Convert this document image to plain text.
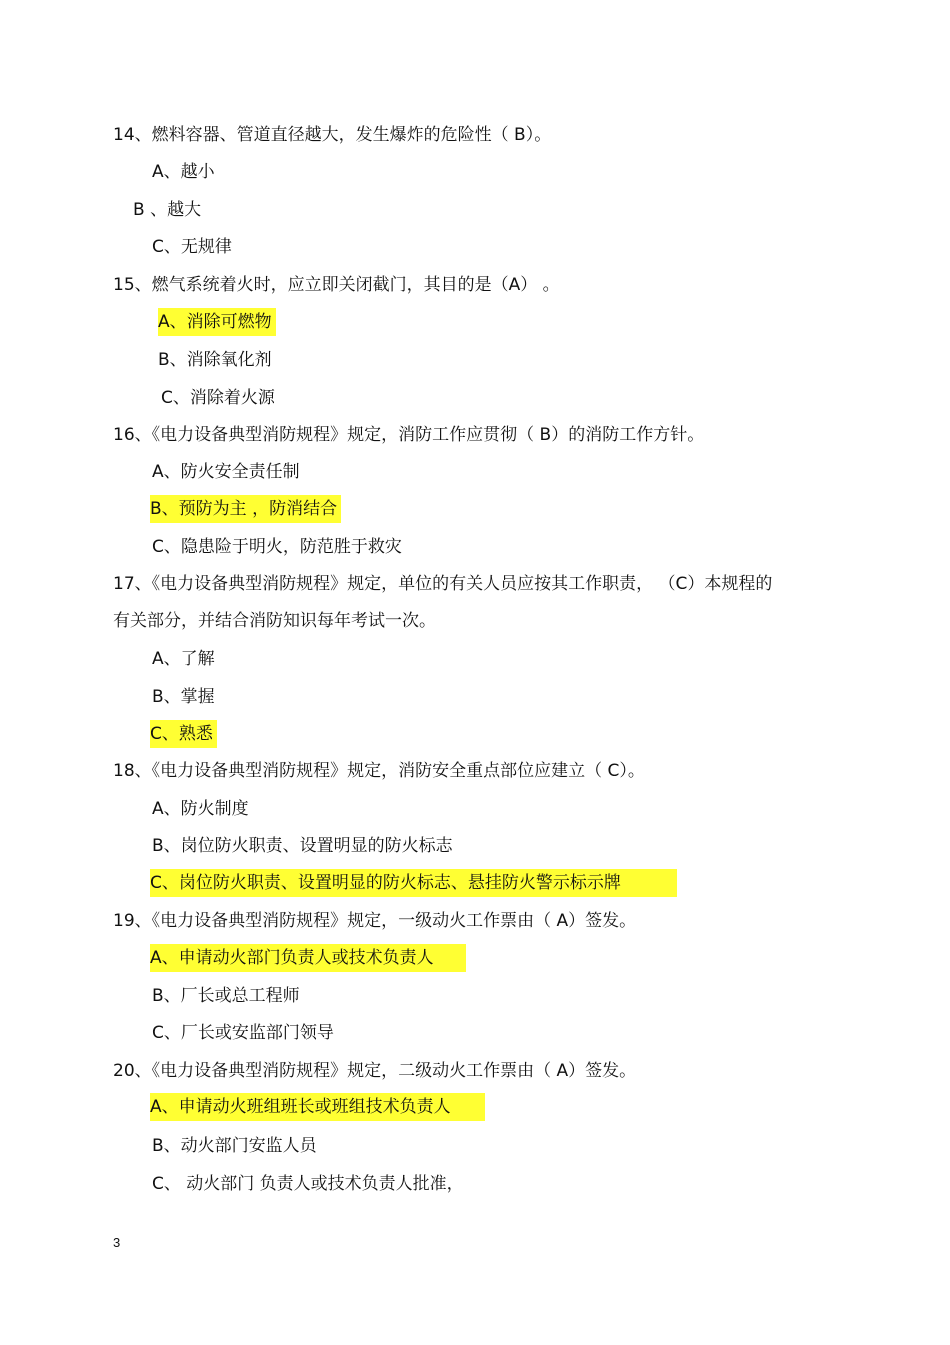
14、燃料容器、管道直径越大，发生爆炸的危险性（ B）。
A、越小
B 、越大
C、无规律
15、燃气系统着火时，应立即关闭截门，其目的是（A） 。
A、消除可燃物
B、消除氧化剂
C、消除着火源
16、《电力设备典型消防规程》规定，消防工作应贯彻（ B）的消防工作方针。
A、防火安全责任制
B、预防为主 ，防消结合
C、隐患险于明火，防范胜于救灾
17、《电力设备典型消防规程》规定，单位的有关人员应按其工作职责， （C）本规程的
有关部分，并结合消防知识每年考试一次。
A、了解
B、掌握
C、熟悉
18、《电力设备典型消防规程》规定，消防安全重点部位应建立（ C）。
A、防火制度
B、岗位防火职责、设置明显的防火标志
C、岗位防火职责、设置明显的防火标志、悬挂防火警示标示牌
19、《电力设备典型消防规程》规定，一级动火工作票由（ A）签发。
A、申请动火部门负责人或技术负责人
B、厂长或总工程师
C、厂长或安监部门领导
20、《电力设备典型消防规程》规定，二级动火工作票由（ A）签发。
A、申请动火班组班长或班组技术负责人
B、动火部门安监人员
C、 动火部门 负责人或技术负责人批准，
3
